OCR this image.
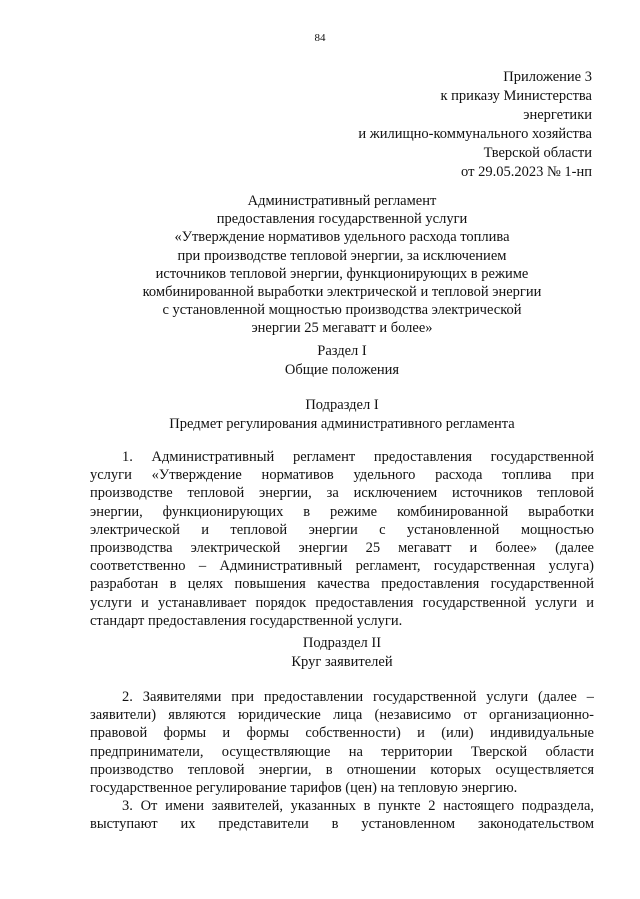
84
Приложение 3
к приказу Министерства
энергетики
и жилищно-коммунального хозяйства
Тверской области
от 29.05.2023 № 1-нп
Административный регламент
предоставления государственной услуги
«Утверждение нормативов удельного расхода топлива
при производстве тепловой энергии, за исключением
источников тепловой энергии, функционирующих в режиме
комбинированной выработки электрической и тепловой энергии
с установленной мощностью производства электрической
энергии 25 мегаватт и более»
Раздел I
Общие положения
Подраздел I
Предмет регулирования административного регламента
1. Административный регламент предоставления государственной
услуги «Утверждение нормативов удельного расхода топлива при
производстве тепловой энергии, за исключением источников тепловой
энергии, функционирующих в режиме комбинированной выработки
электрической и тепловой энергии с установленной мощностью
производства электрической энергии 25 мегаватт и более» (далее
соответственно – Административный регламент, государственная услуга)
разработан в целях повышения качества предоставления государственной
услуги и устанавливает порядок предоставления государственной услуги и
стандарт предоставления государственной услуги.
Подраздел II
Круг заявителей
2. Заявителями при предоставлении государственной услуги (далее –
заявители) являются юридические лица (независимо от организационно-
правовой формы и формы собственности) и (или) индивидуальные
предприниматели, осуществляющие на территории Тверской области
производство тепловой энергии, в отношении которых осуществляется
государственное регулирование тарифов (цен) на тепловую энергию.
3. От имени заявителей, указанных в пункте 2 настоящего подраздела,
выступают их представители в установленном законодательством
